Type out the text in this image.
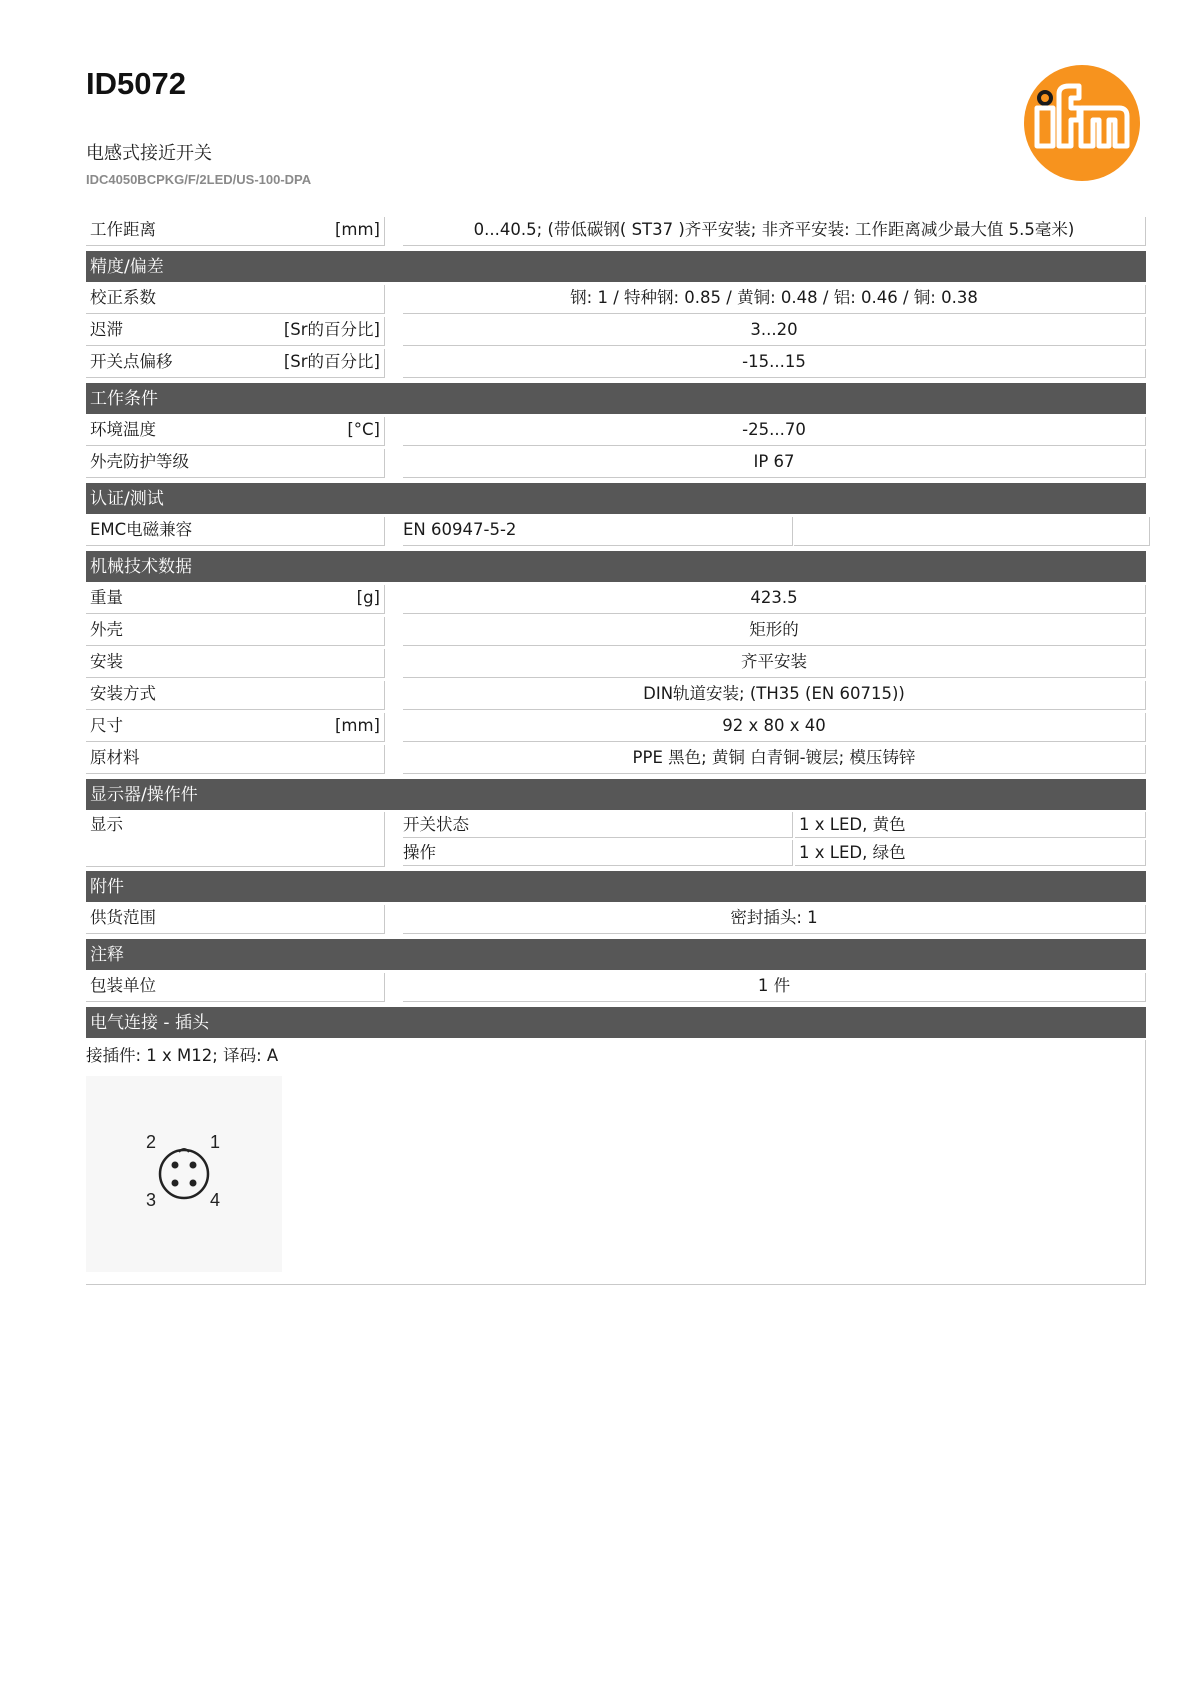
ID5072
电感式接近开关
IDC4050BCPKG/F/2LED/US-100-DPA	ifm
工作距离	[mm]	0...40.5; (带低碳钢( ST37 )齐平安装; 非齐平安装: 工作距离减少最大值 5.5毫米)
精度/偏差
校正系数	钢: 1 / 特种钢: 0.85 / 黄铜: 0.48 / 铝: 0.46 / 铜: 0.38
迟滞	[Sr的百分比]	3...20
开关点偏移	[Sr的百分比]	-15...15
工作条件
环境温度	[°C]	-25...70
外壳防护等级	IP 67
认证/测试
EMC电磁兼容	EN 60947-5-2
机械技术数据
重量	[g]	423.5
外壳	矩形的
安装	齐平安装
安装方式	DIN轨道安装; (TH35 (EN 60715))
尺寸	[mm]	92 x 80 x 40
原材料	PPE 黑色; 黄铜 白青铜-镀层; 模压铸锌
显示器/操作件
显示	开关状态	1 x LED, 黄色
操作	1 x LED, 绿色
附件
供货范围	密封插头: 1
注释
包装单位	1 件
电气连接 - 插头
接插件: 1 x M12; 译码: A
1
2
3	4
